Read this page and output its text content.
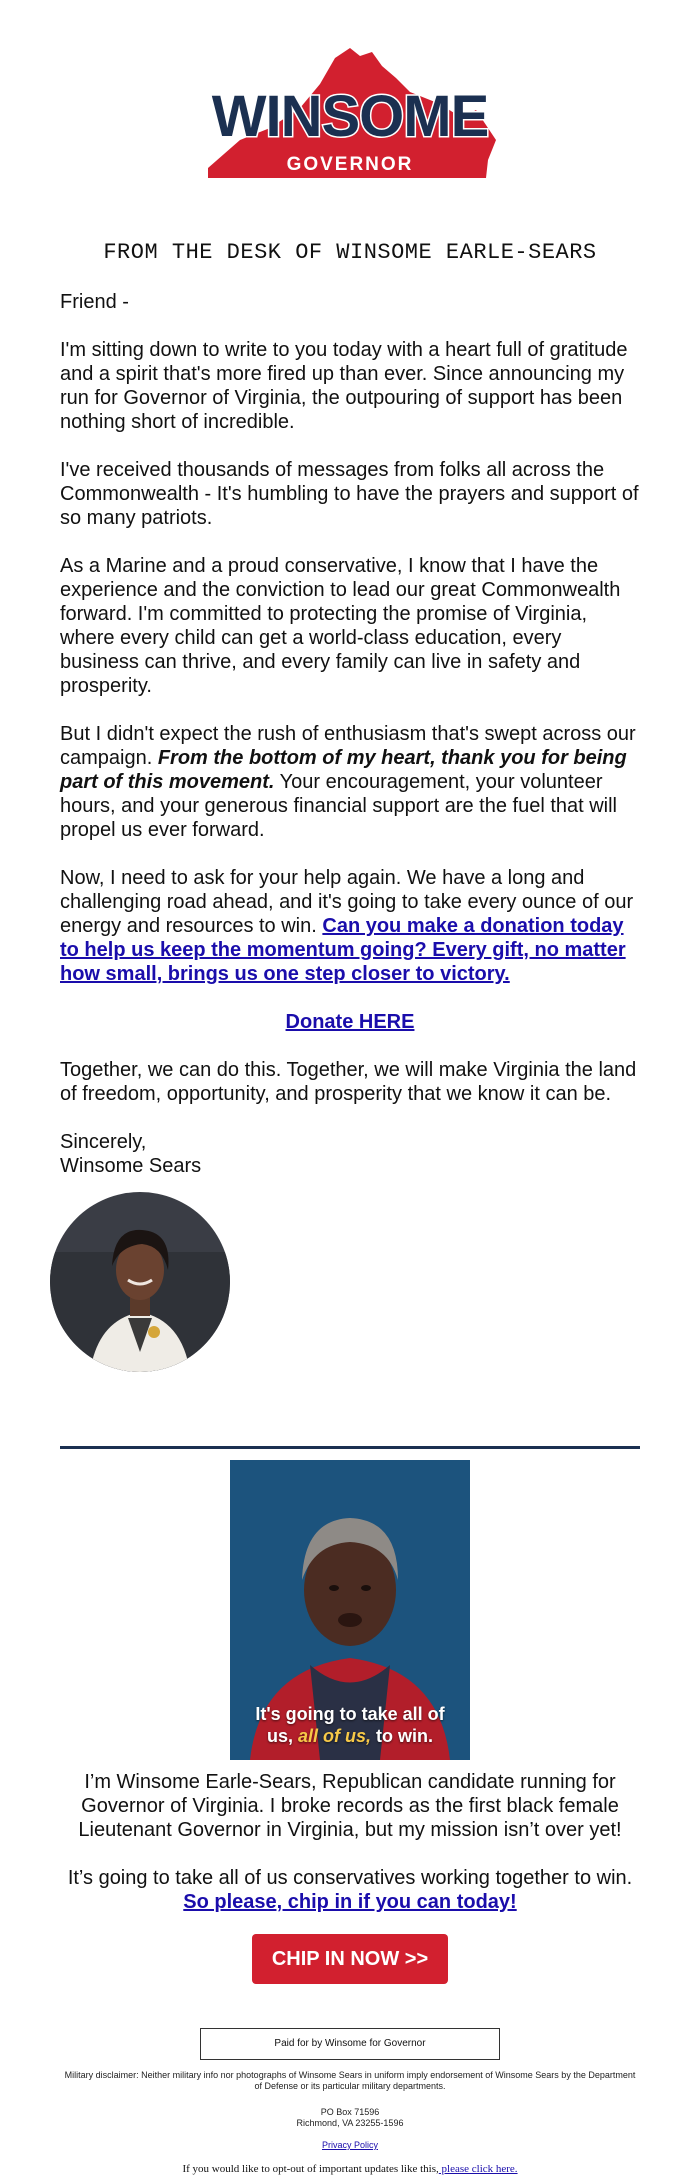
WINSOME
GOVERNOR
FROM THE DESK OF WINSOME EARLE-SEARS

Friend -

I'm sitting down to write to you today with a heart full of gratitude and a spirit that's more fired up than ever. Since announcing my run for Governor of Virginia, the outpouring of support has been nothing short of incredible.

I've received thousands of messages from folks all across the Commonwealth - It's humbling to have the prayers and support of so many patriots.

As a Marine and a proud conservative, I know that I have the experience and the conviction to lead our great Commonwealth forward. I'm committed to protecting the promise of Virginia, where every child can get a world-class education, every business can thrive, and every family can live in safety and prosperity.

But I didn't expect the rush of enthusiasm that's swept across our campaign. From the bottom of my heart, thank you for being part of this movement. Your encouragement, your volunteer hours, and your generous financial support are the fuel that will propel us ever forward.

Now, I need to ask for your help again. We have a long and challenging road ahead, and it's going to take every ounce of our energy and resources to win. Can you make a donation today to help us keep the momentum going? Every gift, no matter how small, brings us one step closer to victory.

Donate HERE

Together, we can do this. Together, we will make Virginia the land of freedom, opportunity, and prosperity that we know it can be.

Sincerely,
Winsome Sears

It's going to take all of
us, all of us, to win.

I’m Winsome Earle-Sears, Republican candidate running for Governor of Virginia. I broke records as the first black female Lieutenant Governor in Virginia, but my mission isn’t over yet!

It’s going to take all of us conservatives working together to win.
So please, chip in if you can today!

CHIP IN NOW >>
Paid for by Winsome for Governor
Military disclaimer: Neither military info nor photographs of Winsome Sears in uniform imply endorsement of Winsome Sears by the Department of Defense or its particular military departments.
PO Box 71596
Richmond, VA 23255-1596
Privacy Policy
If you would like to opt-out of important updates like this, please click here.
